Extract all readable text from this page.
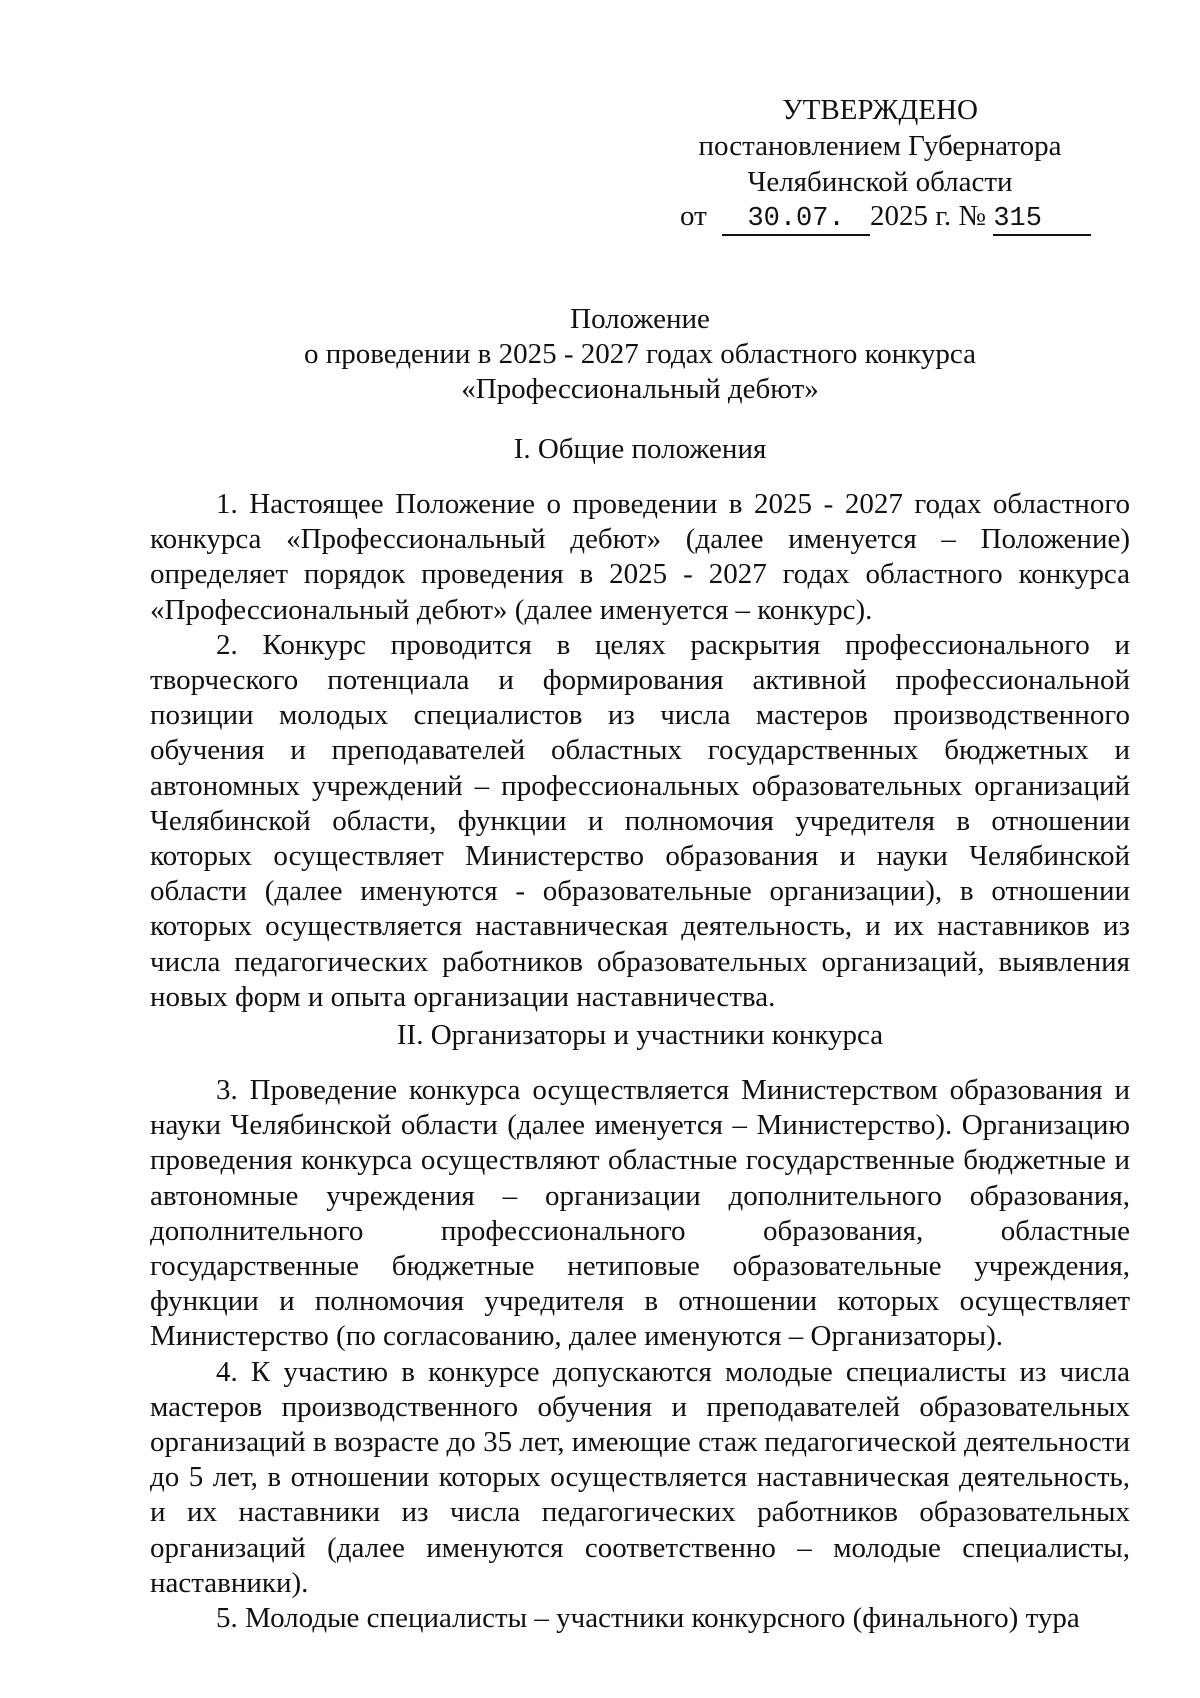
УТВЕРЖДЕНО
постановлением Губернатора
Челябинской области
от 30.07. 2025 г. № 315
Положение
о проведении в 2025 - 2027 годах областного конкурса
«Профессиональный дебют»
I. Общие положения

1. Настоящее Положение о проведении в 2025 - 2027 годах областного конкурса «Профессиональный дебют» (далее именуется – Положение) определяет порядок проведения в 2025 - 2027 годах областного конкурса «Профессиональный дебют» (далее именуется – конкурс).

2. Конкурс проводится в целях раскрытия профессионального и творческого потенциала и формирования активной профессиональной позиции молодых специалистов из числа мастеров производственного обучения и преподавателей областных государственных бюджетных и автономных учреждений – профессиональных образовательных организаций Челябинской области, функции и полномочия учредителя в отношении которых осуществляет Министерство образования и науки Челябинской области (далее именуются - образовательные организации), в отношении которых осуществляется наставническая деятельность, и их наставников из числа педагогических работников образовательных организаций, выявления новых форм и опыта организации наставничества.

II. Организаторы и участники конкурса

3. Проведение конкурса осуществляется Министерством образования и науки Челябинской области (далее именуется – Министерство). Организацию проведения конкурса осуществляют областные государственные бюджетные и автономные учреждения – организации дополнительного образования, дополнительного профессионального образования, областные государственные бюджетные нетиповые образовательные учреждения, функции и полномочия учредителя в отношении которых осуществляет Министерство (по согласованию, далее именуются – Организаторы).

4. К участию в конкурсе допускаются молодые специалисты из числа мастеров производственного обучения и преподавателей образовательных организаций в возрасте до 35 лет, имеющие стаж педагогической деятельности до 5 лет, в отношении которых осуществляется наставническая деятельность, и их наставники из числа педагогических работников образовательных организаций (далее именуются соответственно – молодые специалисты, наставники).

5. Молодые специалисты – участники конкурсного (финального) тура
